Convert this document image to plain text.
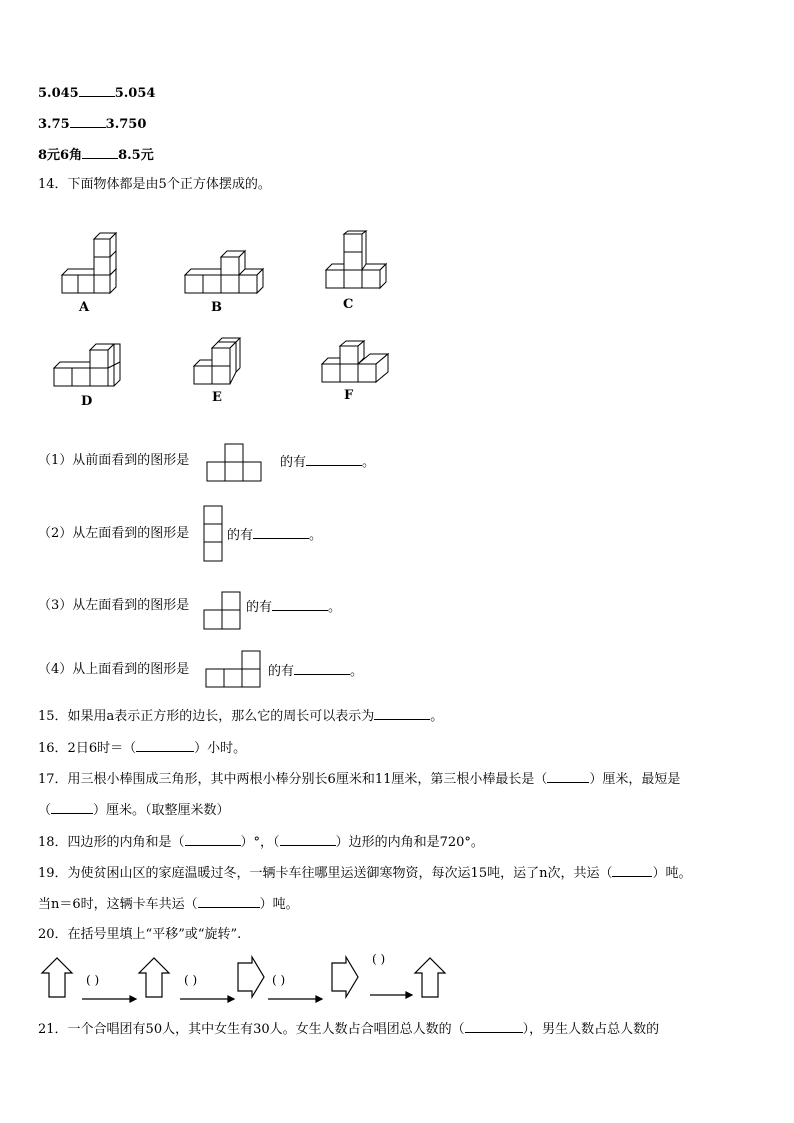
5.045	5.054
3.75	3.750
8元6角	8.5元
14．下面物体都是由5个正方体摆成的。
A	B	C
D	E	F
（1）从前面看到的图形是	的有	。
（2）从左面看到的图形是	的有	。
（3）从左面看到的图形是	的有	。
（4）从上面看到的图形是	的有	。
15．如果用a表示正方形的边长，那么它的周长可以表示为	。
16．2日6时＝（	）小时。
17．用三根小棒围成三角形，其中两根小棒分别长6厘米和11厘米，第三根小棒最长是（	）厘米，最短是
（	）厘米。（取整厘米数）
18．四边形的内角和是（	）°，（	）边形的内角和是720°。
19．为使贫困山区的家庭温暖过冬，一辆卡车往哪里运送御寒物资，每次运15吨，运了n次，共运（	）吨。
当n＝6时，这辆卡车共运（	）吨。
20．在括号里填上“平移”或“旋转”.
( )	( )	( )
( )
21．一个合唱团有50人，其中女生有30人。女生人数占合唱团总人数的（	），男生人数占总人数的
